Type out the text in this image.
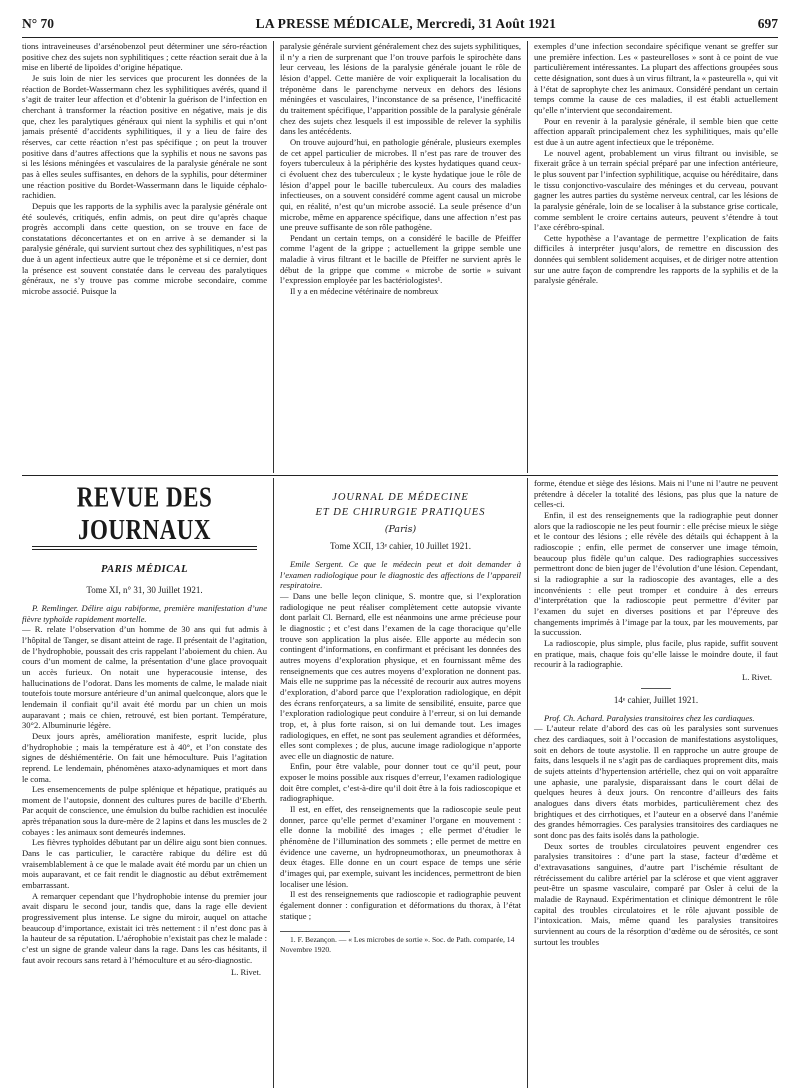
N° 70	LA PRESSE MÉDICALE, Mercredi, 31 Août 1921	697

tions intraveineuses d’arsénobenzol peut déterminer une séro-réaction positive chez des sujets non syphilitiques ; cette réaction serait due à la mise en liberté de lipoïdes d’origine hépatique.

Je suis loin de nier les services que procurent les données de la réaction de Bordet-Wassermann chez les syphilitiques avérés, quand il s’agit de traiter leur affection et d’obtenir la guérison de l’infection en cherchant à transformer la réaction positive en négative, mais je dis que, chez les paralytiques généraux qui nient la syphilis et qui n’ont jamais présenté d’accidents syphilitiques, il y a lieu de faire des réserves, car cette réaction n’est pas spécifique ; on peut la trouver positive dans d’autres affections que la syphilis et nous ne savons pas si les lésions méningées et vasculaires de la paralysie générale ne sont pas à elles seules suffisantes, en dehors de la syphilis, pour déterminer une réaction positive du Bordet-Wassermann dans le liquide céphalo-rachidien.

Depuis que les rapports de la syphilis avec la paralysie générale ont été soulevés, critiqués, enfin admis, on peut dire qu’après chaque progrès accompli dans cette question, on se trouve en face de constatations déconcertantes et on en arrive à se demander si la paralysie générale, qui survient surtout chez des syphilitiques, n’est pas due à un agent infectieux autre que le tréponème et si ce dernier, dont la présence est souvent constatée dans le cerveau des paralytiques généraux, ne s’y trouve pas comme microbe secondaire, comme microbe associé. Puisque la

paralysie générale survient généralement chez des sujets syphilitiques, il n’y a rien de surprenant que l’on trouve parfois le spirochète dans leur cerveau, les lésions de la paralysie générale jouant le rôle de lésion d’appel. Cette manière de voir expliquerait la localisation du tréponème dans le parenchyme nerveux en dehors des lésions méningées et vasculaires, l’inconstance de sa présence, l’inefficacité du traitement spécifique, l’apparition possible de la paralysie générale chez des sujets chez lesquels il est impossible de relever la syphilis dans les antécédents.

On trouve aujourd’hui, en pathologie générale, plusieurs exemples de cet appel particulier de microbes. Il n’est pas rare de trouver des foyers tuberculeux à la périphérie des kystes hydatiques quand ceux-ci évoluent chez des tuberculeux ; le kyste hydatique joue le rôle de lésion d’appel pour le bacille tuberculeux. Au cours des maladies infectieuses, on a souvent considéré comme agent causal un microbe qui, en réalité, n’est qu’un microbe associé. La seule présence d’un microbe, même en apparence spécifique, dans une affection n’est pas une preuve suffisante de son rôle pathogène.

Pendant un certain temps, on a considéré le bacille de Pfeiffer comme l’agent de la grippe ; actuellement la grippe semble une maladie à virus filtrant et le bacille de Pfeiffer ne survient après le début de la grippe que comme « microbe de sortie » suivant l’expression employée par les bactériologistes¹.

Il y a en médecine vétérinaire de nombreux

exemples d’une infection secondaire spécifique venant se greffer sur une première infection. Les « pasteurelloses » sont à ce point de vue particulièrement intéressantes. La plupart des affections groupées sous cette désignation, sont dues à un virus filtrant, la « pasteurella », qui vit à l’état de saprophyte chez les animaux. Considéré pendant un certain temps comme la cause de ces maladies, il est établi actuellement qu’elle n’intervient que secondairement.

Pour en revenir à la paralysie générale, il semble bien que cette affection apparaît principalement chez les syphilitiques, mais qu’elle est due à un autre agent infectieux que le tréponème.

Le nouvel agent, probablement un virus filtrant ou invisible, se fixerait grâce à un terrain spécial préparé par une infection antérieure, le plus souvent par l’infection syphilitique, acquise ou héréditaire, dans le tissu conjonctivo-vasculaire des méninges et du cerveau, pouvant gagner les autres parties du système nerveux central, car les lésions de la paralysie générale, loin de se localiser à la substance grise corticale, comme semblent le croire certains auteurs, peuvent s’étendre à tout l’axe cérébro-spinal.

Cette hypothèse a l’avantage de permettre l’explication de faits difficiles à interpréter jusqu’alors, de remettre en discussion des données qui semblent solidement acquises, et de diriger notre attention sur une autre façon de comprendre les rapports de la syphilis et de la paralysie générale.

REVUE DES JOURNAUX
PARIS MÉDICAL
Tome XI, n° 31, 30 Juillet 1921.

P. Remlinger. Délire aigu rabiforme, première manifestation d’une fièvre typhoïde rapidement mortelle.

— R. relate l’observation d’un homme de 30 ans qui fut admis à l’hôpital de Tanger, se disant atteint de rage. Il présentait de l’agitation, de l’hydrophobie, poussait des cris rappelant l’aboiement du chien. Au cours d’un moment de calme, la présentation d’une glace provoquait un accès furieux. On notait une hyperacousie intense, des hallucinations de l’odorat. Dans les moments de calme, le malade niait toutefois toute morsure antérieure d’un animal quelconque, alors que le lendemain il confiait qu’il avait été mordu par un chien un mois auparavant ; mais ce chien, retrouvé, est bien portant. Température, 30°2. Albuminurie légère.

Deux jours après, amélioration manifeste, esprit lucide, plus d’hydrophobie ; mais la température est à 40°, et l’on constate des signes de déshiémentérie. On fait une hémoculture. Puis l’agitation reprend. Le lendemain, phénomènes ataxo-adynamiques et mort dans le coma.

Les ensemencements de pulpe splénique et hépatique, pratiqués au moment de l’autopsie, donnent des cultures pures de bacille d’Eberth. Par acquit de conscience, une émulsion du bulbe rachidien est inoculée après trépanation sous la dure-mère de 2 lapins et dans les muscles de 2 cobayes : les animaux sont demeurés indemnes.

Les fièvres typhoïdes débutant par un délire aigu sont bien connues. Dans le cas particulier, le caractère rabique du délire est dû vraisemblablement à ce que le malade avait été mordu par un chien un mois auparavant, et ce fait rendit le diagnostic au début extrêmement embarrassant.

A remarquer cependant que l’hydrophobie intense du premier jour avait disparu le second jour, tandis que, dans la rage elle devient progressivement plus intense. Le signe du miroir, auquel on attache beaucoup d’importance, existait ici très nettement : il n’est donc pas à la hauteur de sa réputation. L’aérophobie n’existait pas chez le malade : c’est un signe de grande valeur dans la rage. Dans les cas hésitants, il faut avoir recours sans retard à l’hémoculture et au séro-diagnostic.

L. Rivet.
JOURNAL DE MÉDECINE
ET DE CHIRURGIE PRATIQUES
(Paris)
Tome XCII, 13ᵉ cahier, 10 Juillet 1921.

Emile Sergent. Ce que le médecin peut et doit demander à l’examen radiologique pour le diagnostic des affections de l’appareil respiratoire.

— Dans une belle leçon clinique, S. montre que, si l’exploration radiologique ne peut réaliser complètement cette autopsie vivante dont parlait Cl. Bernard, elle est néanmoins une arme précieuse pour le diagnostic ; et c’est dans l’examen de la cage thoracique qu’elle trouve son application la plus aisée. Elle apporte au médecin son contingent d’informations, en confirmant et précisant les données des autres moyens d’exploration physique, et en fournissant même des renseignements que ces autres moyens d’exploration ne donnent pas. Mais elle ne supprime pas la nécessité de recourir aux autres moyens d’exploration, d’abord parce que l’exploration radiologique, en dépit des écrans renforçateurs, a sa limite de sensibilité, ensuite, parce que l’exploration radiologique peut conduire à l’erreur, si on lui demande trop, et, à plus forte raison, si on lui demande tout. Les images radiologiques, en effet, ne sont pas seulement agrandies et déformées, elles sont complexes ; de plus, aucune image radiologique n’apporte avec elle un diagnostic de nature.

Enfin, pour être valable, pour donner tout ce qu’il peut, pour exposer le moins possible aux risques d’erreur, l’examen radiologique doit être complet, c’est-à-dire qu’il doit être à la fois radioscopique et radiographique.

Il est, en effet, des renseignements que la radioscopie seule peut donner, parce qu’elle permet d’examiner l’organe en mouvement : elle donne la mobilité des images ; elle permet d’étudier le phénomène de l’illumination des sommets ; elle permet de mettre en évidence une caverne, un hydropneumothorax, un pneumothorax à deux étages. Elle donne en un court espace de temps une série d’images qui, par exemple, suivant les incidences, permettront de bien localiser une lésion.

Il est des renseignements que radioscopie et radiographie peuvent également donner : configuration et déformations du thorax, à l’état statique ;

1. F. Bezançon. — « Les microbes de sortie ». Soc. de Path. comparée, 14 Novembre 1920.

forme, étendue et siège des lésions. Mais ni l’une ni l’autre ne peuvent prétendre à déceler la totalité des lésions, pas plus que la nature de celles-ci.

Enfin, il est des renseignements que la radiographie peut donner alors que la radioscopie ne les peut fournir : elle précise mieux le siège et le contour des lésions ; elle révèle des détails qui échappent à la radioscopie ; enfin, elle permet de conserver une image témoin, beaucoup plus fidèle qu’un calque. Des radiographies successives permettront donc de bien juger de l’évolution d’une lésion. Cependant, si la radiographie a sur la radioscopie des avantages, elle a des inconvénients : elle peut tromper et conduire à des erreurs d’interprétation que la radioscopie peut permettre d’éviter par l’examen du sujet en diverses positions et par l’épreuve des changements imprimés à l’image par la toux, par les mouvements, par la succussion.

La radioscopie, plus simple, plus facile, plus rapide, suffit souvent en pratique, mais, chaque fois qu’elle laisse le moindre doute, il faut recourir à la radiographie.

L. Rivet.
14ᵉ cahier, Juillet 1921.

Prof. Ch. Achard. Paralysies transitoires chez les cardiaques.

— L’auteur relate d’abord des cas où les paralysies sont survenues chez des cardiaques, soit à l’occasion de manifestations asystoliques, soit en dehors de toute asystolie. Il en rapproche un autre groupe de faits, dans lesquels il ne s’agit pas de cardiaques proprement dits, mais de sujets atteints d’hypertension artérielle, chez qui on voit apparaître une aphasie, une paralysie, disparaissant dans le court délai de quelques heures à deux jours. On rencontre d’ailleurs des faits analogues dans divers états morbides, particulièrement chez des brightiques et des cirrhotiques, et l’auteur en a observé dans l’anémie des grandes hémorragies. Ces paralysies transitoires des cardiaques ne sont donc pas des faits isolés dans la pathologie.

Deux sortes de troubles circulatoires peuvent engendrer ces paralysies transitoires : d’une part la stase, facteur d’œdème et d’extravasations sanguines, d’autre part l’ischémie résultant de rétrécissement du calibre artériel par la sclérose et que vient aggraver peut-être un spasme vasculaire, comparé par Osler à celui de la maladie de Raynaud. Expérimentation et clinique démontrent le rôle capital des troubles circulatoires et le rôle ajuvant possible de l’intoxication. Mais, même quand les paralysies transitoires surviennent au cours de la résorption d’œdème ou de sérosités, ce sont surtout les troubles
